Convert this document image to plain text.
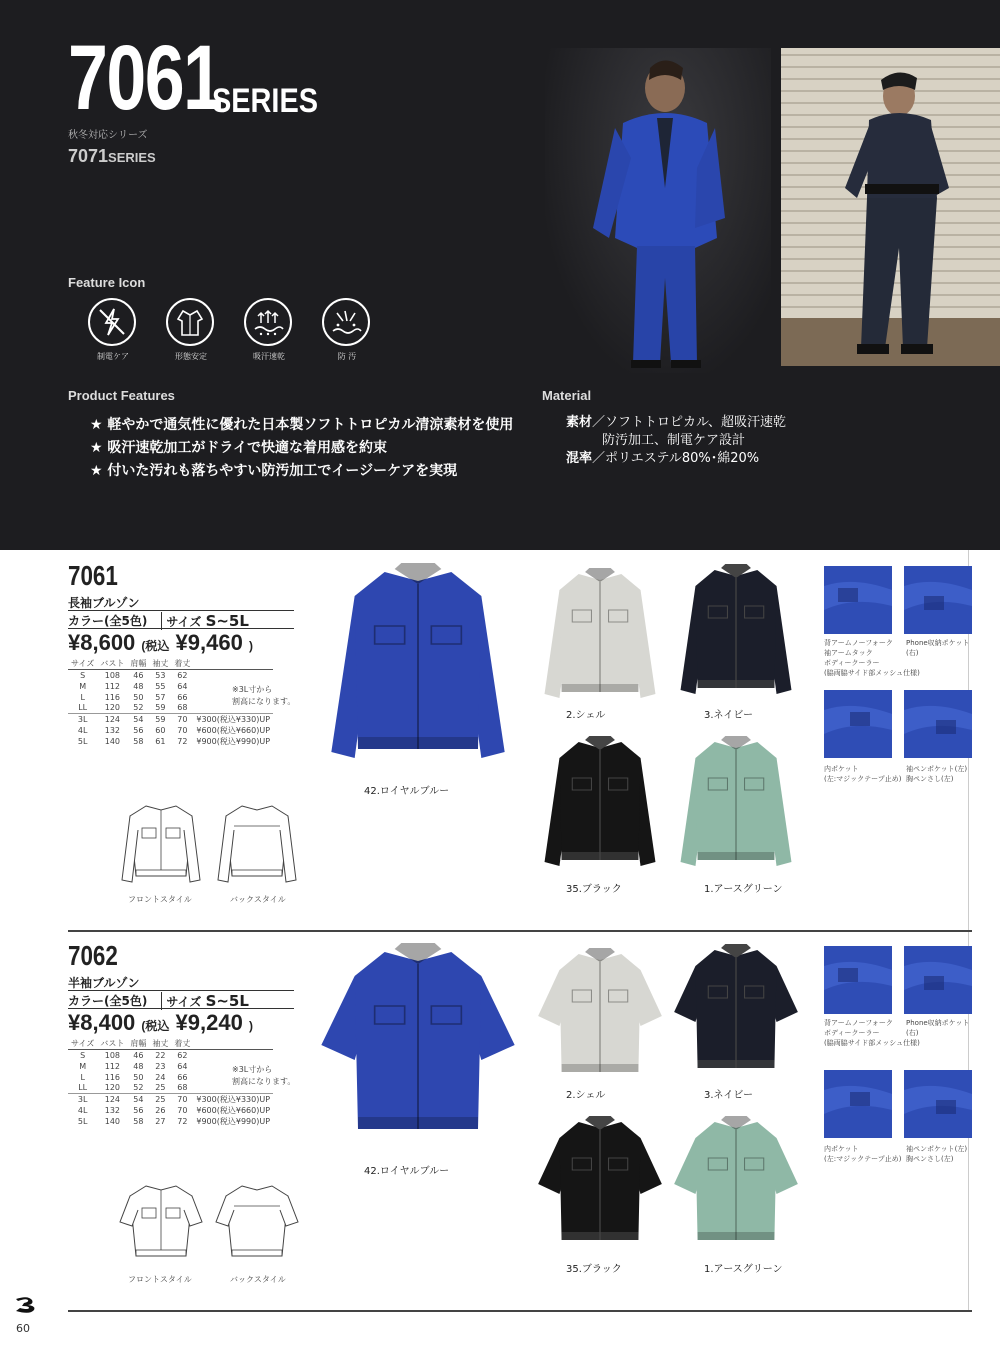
7061
SERIES
秋冬対応シリーズ
7071SERIES
Feature Icon
制電ケア	形態安定	吸汗速乾	防 汚
Product Features
★ 軽やかで通気性に優れた日本製ソフトトロピカル清涼素材を使用
★ 吸汗速乾加工がドライで快適な着用感を約束
★ 付いた汚れも落ちやすい防汚加工でイージーケアを実現
Material
素材／ソフトトロピカル、超吸汗速乾
防汚加工、制電ケア設計
混率／ポリエステル80%･綿20%
7061
長袖ブルゾン
カラー(全5色)	サイズ S~5L
¥8,600 (税込 ¥9,460 )
サイズ	バスト	肩幅	袖丈	着丈	
S	108	46	53	62	
M	112	48	55	64	
L	116	50	57	66	
LL	120	52	59	68	
3L	124	54	59	70	¥300(税込¥330)UP
4L	132	56	60	70	¥600(税込¥660)UP
5L	140	58	61	72	¥900(税込¥990)UP
※3L寸から
割高になります。
フロントスタイル	バックスタイル
42.ロイヤルブルー
2.シェル	3.ネイビー
35.ブラック	1.アースグリーン
背アームノーフォーク
袖アームタック
ボディークーラー
(脇両脇サイド部メッシュ仕様)
Phone収納ポケット
(右)
内ポケット
(左:マジックテープ止め)
袖ペンポケット(左)
胸ペンさし(左)
7062
半袖ブルゾン
カラー(全5色)	サイズ S~5L
¥8,400 (税込 ¥9,240 )
サイズ	バスト	肩幅	袖丈	着丈	
S	108	46	22	62	
M	112	48	23	64	
L	116	50	24	66	
LL	120	52	25	68	
3L	124	54	25	70	¥300(税込¥330)UP
4L	132	56	26	70	¥600(税込¥660)UP
5L	140	58	27	72	¥900(税込¥990)UP
※3L寸から
割高になります。
フロントスタイル	バックスタイル
42.ロイヤルブルー
2.シェル	3.ネイビー
35.ブラック	1.アースグリーン
背アームノーフォーク
ボディークーラー
(脇両脇サイド部メッシュ仕様)
Phone収納ポケット
(右)
内ポケット
(左:マジックテープ止め)
袖ペンポケット(左)
胸ペンさし(左)
60
